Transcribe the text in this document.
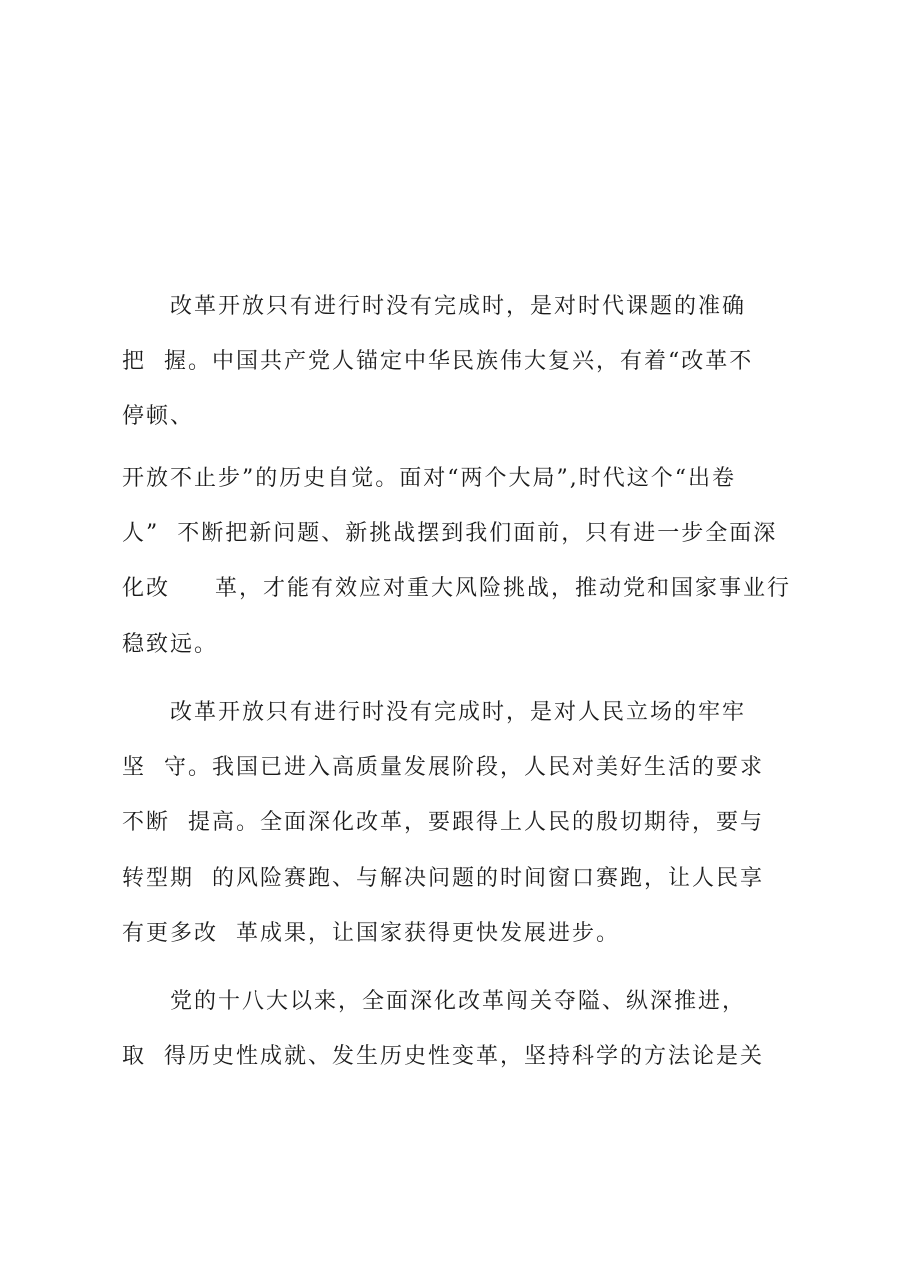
改革开放只有进行时没有完成时，是对时代课题的准确
把  握。中国共产党人锚定中华民族伟大复兴，有着“改革不
停顿、
开放不止步”的历史自觉。面对“两个大局”,时代这个“出卷
人”  不断把新问题、新挑战摆到我们面前，只有进一步全面深
化改     革，才能有效应对重大风险挑战，推动党和国家事业行
稳致远。
改革开放只有进行时没有完成时，是对人民立场的牢牢
坚  守。我国已进入高质量发展阶段，人民对美好生活的要求
不断  提高。全面深化改革，要跟得上人民的殷切期待，要与
转型期  的风险赛跑、与解决问题的时间窗口赛跑，让人民享
有更多改  革成果，让国家获得更快发展进步。
党的十八大以来，全面深化改革闯关夺隘、纵深推进，
取  得历史性成就、发生历史性变革，坚持科学的方法论是关
